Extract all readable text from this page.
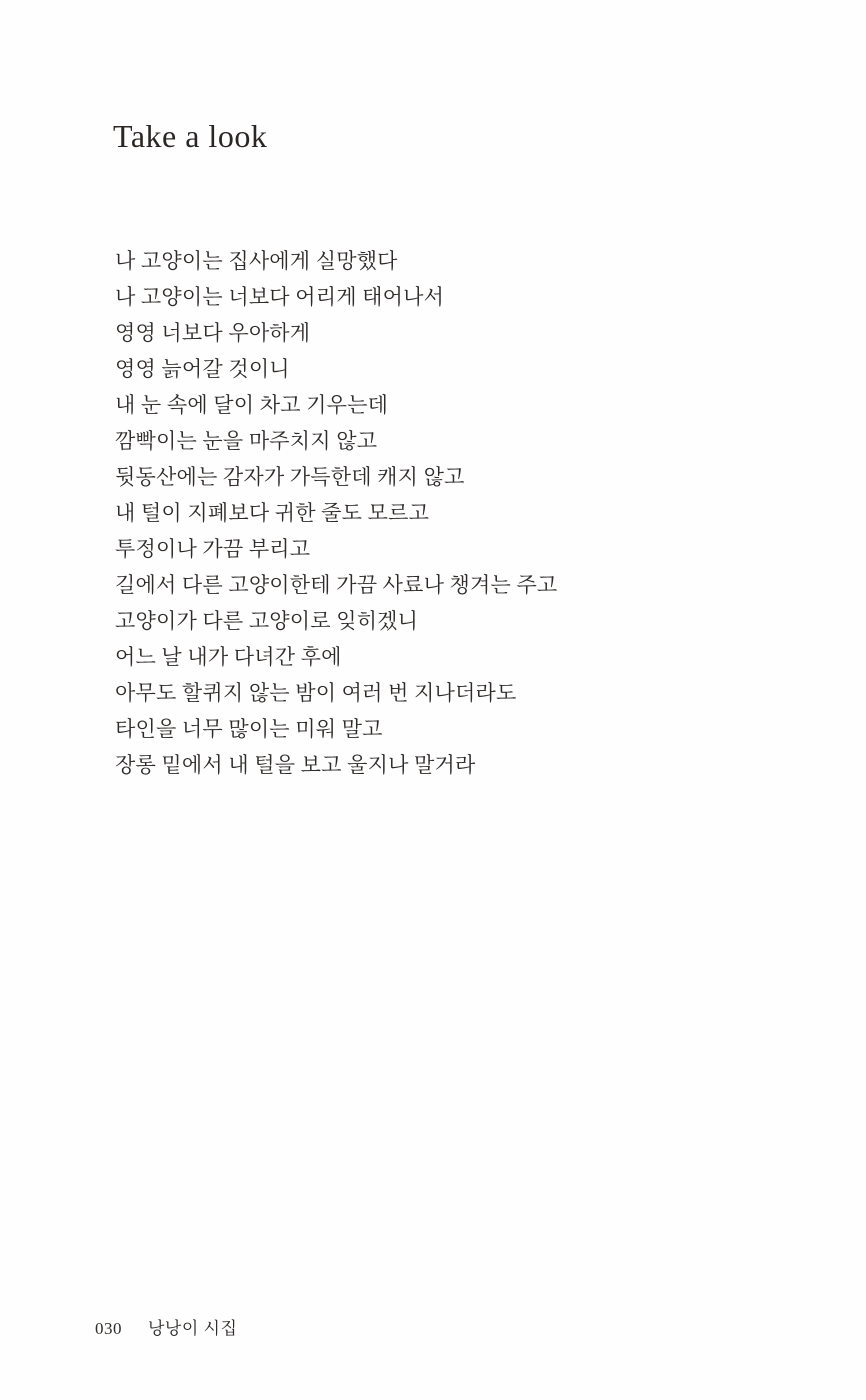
Take a look
나 고양이는 집사에게 실망했다
나 고양이는 너보다 어리게 태어나서
영영 너보다 우아하게
영영 늙어갈 것이니
내 눈 속에 달이 차고 기우는데
깜빡이는 눈을 마주치지 않고
뒷동산에는 감자가 가득한데 캐지 않고
내 털이 지폐보다 귀한 줄도 모르고
투정이나 가끔 부리고
길에서 다른 고양이한테 가끔 사료나 챙겨는 주고
고양이가 다른 고양이로 잊히겠니
어느 날 내가 다녀간 후에
아무도 할퀴지 않는 밤이 여러 번 지나더라도
타인을 너무 많이는 미워 말고
장롱 밑에서 내 털을 보고 울지나 말거라
030 낭낭이 시집
